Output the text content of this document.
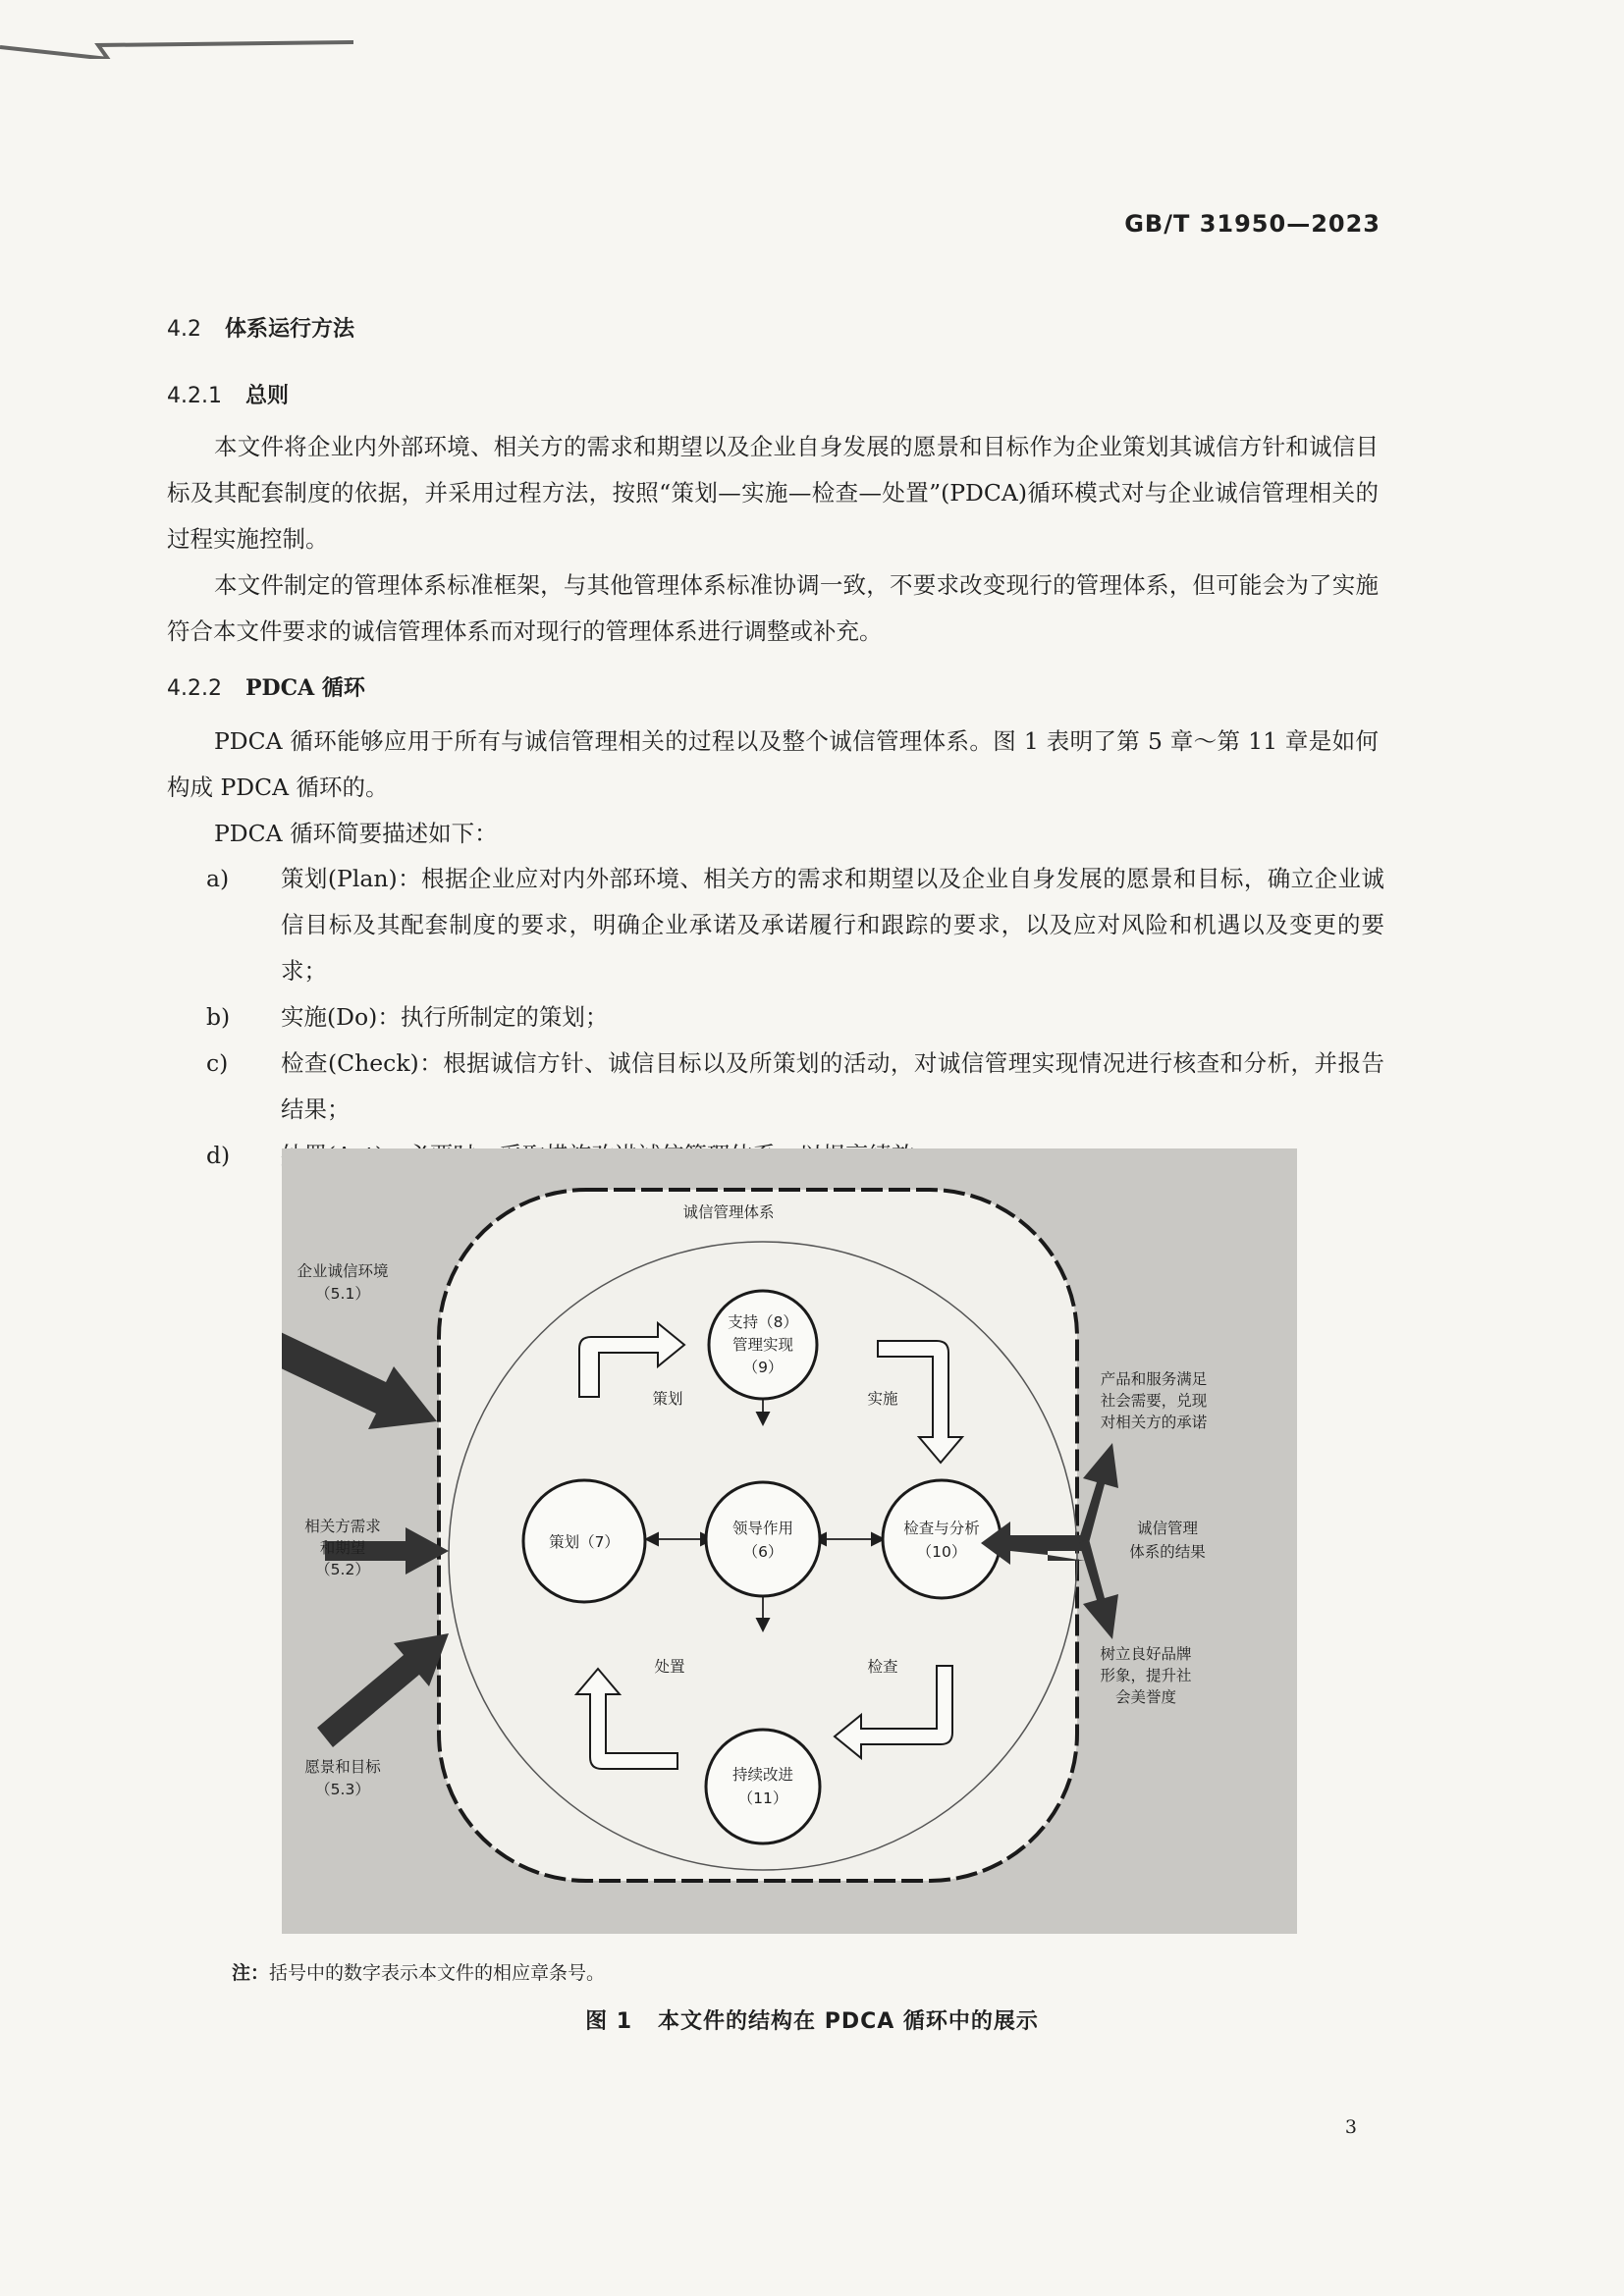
GB/T 31950—2023
4.2 体系运行方法
4.2.1 总则

本文件将企业内外部环境、相关方的需求和期望以及企业自身发展的愿景和目标作为企业策划其诚信方针和诚信目标及其配套制度的依据，并采用过程方法，按照“策划—实施—检查—处置”(PDCA)循环模式对与企业诚信管理相关的过程实施控制。

本文件制定的管理体系标准框架，与其他管理体系标准协调一致，不要求改变现行的管理体系，但可能会为了实施符合本文件要求的诚信管理体系而对现行的管理体系进行调整或补充。

4.2.2 PDCA 循环

PDCA 循环能够应用于所有与诚信管理相关的过程以及整个诚信管理体系。图 1 表明了第 5 章～第 11 章是如何构成 PDCA 循环的。

PDCA 循环简要描述如下：

a) 策划(Plan)：根据企业应对内外部环境、相关方的需求和期望以及企业自身发展的愿景和目标，确立企业诚信目标及其配套制度的要求，明确企业承诺及承诺履行和跟踪的要求，以及应对风险和机遇以及变更的要求；
b) 实施(Do)：执行所制定的策划；
c) 检查(Check)：根据诚信方针、诚信目标以及所策划的活动，对诚信管理实现情况进行核查和分析，并报告结果；
d)
诚信管理体系
支持（8）
管理实现
（9）
策划（7）
领导作用
（6）
检查与分析
（10）
持续改进
（11）
策划	实施
检查
处置
企业诚信环境
（5.1）
相关方需求
和期望
（5.2）
愿景和目标
（5.3）
诚信管理
体系的结果
产品和服务满足
社会需要，兑现
对相关方的承诺
树立良好品牌
形象，提升社
会美誉度
注：括号中的数字表示本文件的相应章条号。
图 1 本文件的结构在 PDCA 循环中的展示
3
